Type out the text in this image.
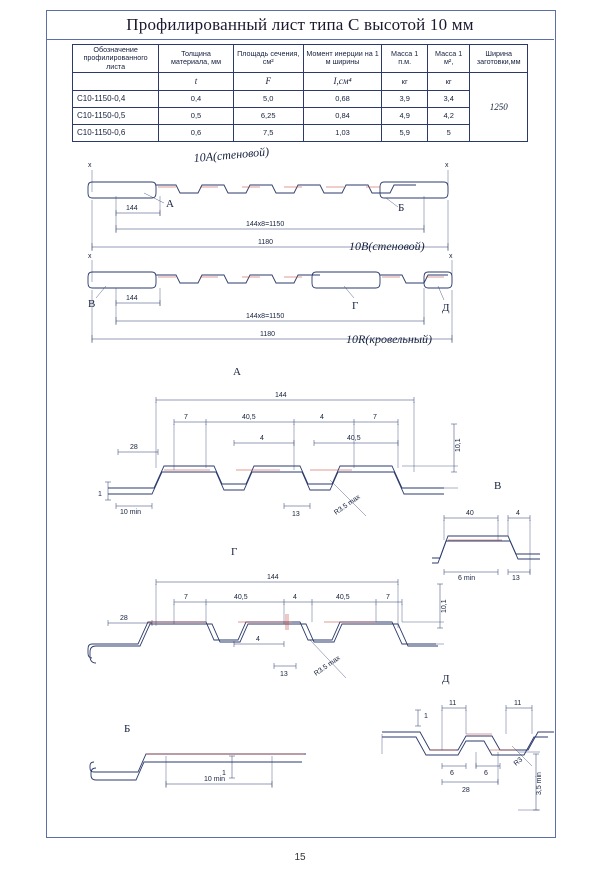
Профилированный лист типа С высотой 10 мм
Обозначение профилированного листа	Толщина материала, мм	Площадь сечения, см²	Момент инерции на 1 м ширины	Масса 1 п.м.	Масса 1 м²,	Ширина заготовки,мм
	t	F	I,см⁴	кг	кг	1250
С10-1150-0,4	0,4	5,0	0,68	3,9	3,4	
С10-1150-0,5	0,5	6,25	0,84	4,9	4,2	
С10-1150-0,6	0,6	7,5	1,03	5,9	5	
x	x
10А(стеновой)
А	Б
144
144x8=1150
1180	10В(стеновой)
x	x
В	Г	Д
144
144x8=1150
1180	10R(кровельный)
А
144
7	40,5	4	7
4	40,5
28	10,1
1
10 min	13	R3.5 max
В
40	4
6 min	13
Г
144
7	40,5	4	40,5	7
28
4
10,1
13	R3.5 max
Б
1
10 min
Д
11	11
1
6	6
28
R3
3,5 min
15
